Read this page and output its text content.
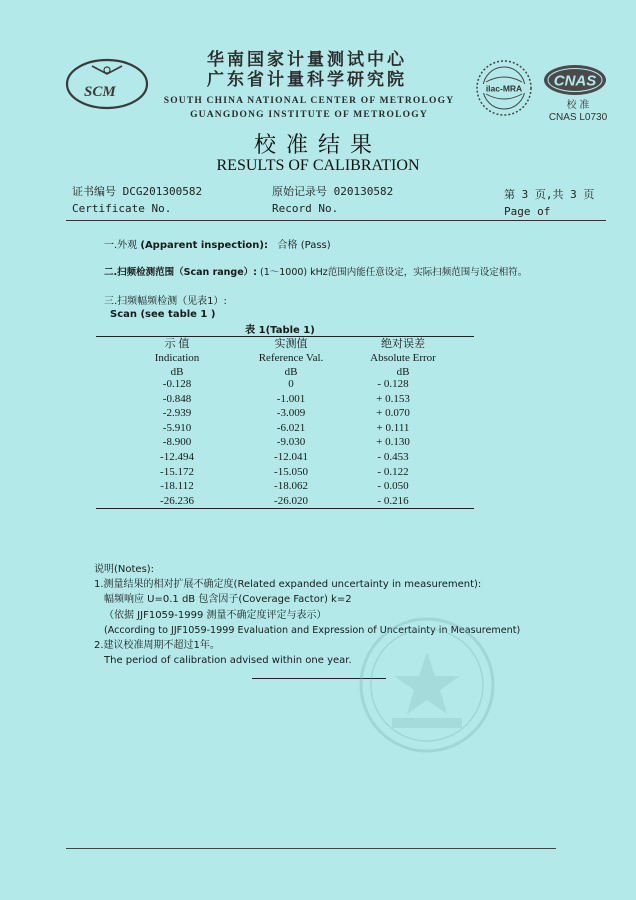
SCM
华南国家计量测试中心
广东省计量科学研究院
SOUTH CHINA NATIONAL CENTER OF METROLOGY
GUANGDONG INSTITUTE OF METROLOGY
ilac-MRA CNAS
校 准
CNAS L0730
校准结果
RESULTS OF CALIBRATION
证书编号 DCG201300582
Certificate No.
原始记录号 020130582
Record No.
第 3 页,共 3 页
Page of
一.外观 (Apparent inspection): 合格 (Pass)
二.扫频检测范围（Scan range）: (1～1000) kHz范围内能任意设定，实际扫频范围与设定相符。
三.扫频幅频检测（见表1）:
Scan (see table 1 )
表 1(Table 1)
示 值
Indication
dB
实测值
Reference Val.
dB
绝对误差
Absolute Error
dB
-0.128
-0.848
-2.939
-5.910
-8.900
-12.494
-15.172
-18.112
-26.236
0
-1.001
-3.009
-6.021
-9.030
-12.041
-15.050
-18.062
-26.020
- 0.128
+ 0.153
+ 0.070
+ 0.111
+ 0.130
- 0.453
- 0.122
- 0.050
- 0.216
说明(Notes):
1.测量结果的相对扩展不确定度(Related expanded uncertainty in measurement):
幅频响应 U=0.1 dB 包含因子(Coverage Factor) k=2
（依据 JJF1059-1999 测量不确定度评定与表示）
(According to JJF1059-1999 Evaluation and Expression of Uncertainty in Measurement)
2.建议校准周期不超过1年。
The period of calibration advised within one year.
